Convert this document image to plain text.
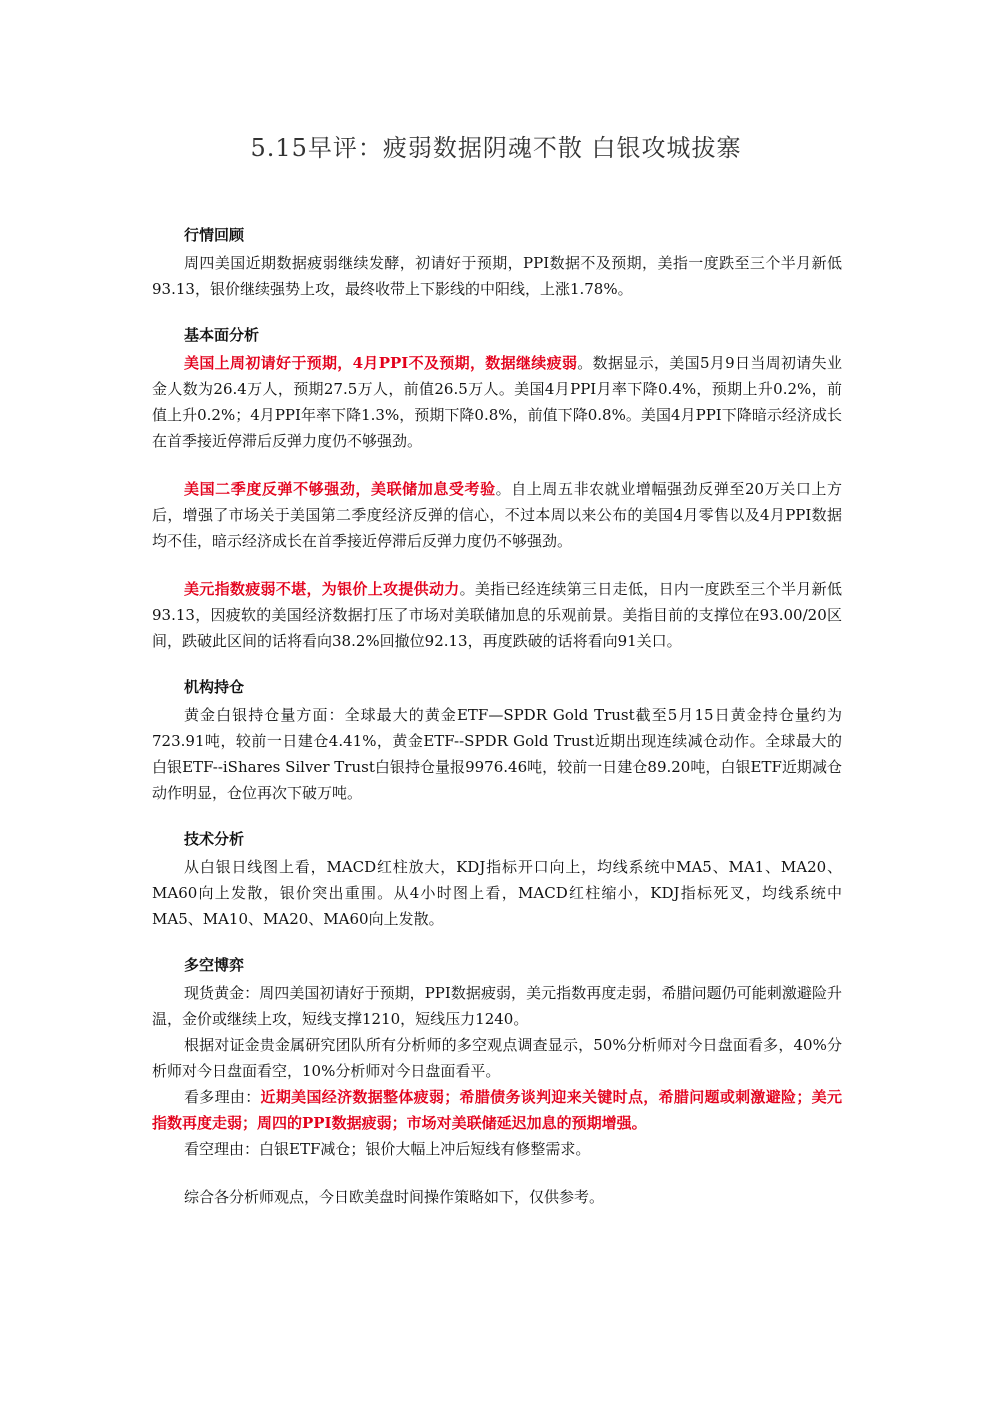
5.15早评：疲弱数据阴魂不散 白银攻城拔寨
行情回顾

周四美国近期数据疲弱继续发酵，初请好于预期，PPI数据不及预期，美指一度跌至三个半月新低93.13，银价继续强势上攻，最终收带上下影线的中阳线，上涨1.78%。

基本面分析

美国上周初请好于预期，4月PPI不及预期，数据继续疲弱。数据显示，美国5月9日当周初请失业金人数为26.4万人，预期27.5万人，前值26.5万人。美国4月PPI月率下降0.4%，预期上升0.2%，前值上升0.2%；4月PPI年率下降1.3%，预期下降0.8%，前值下降0.8%。美国4月PPI下降暗示经济成长在首季接近停滞后反弹力度仍不够强劲。

美国二季度反弹不够强劲，美联储加息受考验。自上周五非农就业增幅强劲反弹至20万关口上方后，增强了市场关于美国第二季度经济反弹的信心，不过本周以来公布的美国4月零售以及4月PPI数据均不佳，暗示经济成长在首季接近停滞后反弹力度仍不够强劲。

美元指数疲弱不堪，为银价上攻提供动力。美指已经连续第三日走低，日内一度跌至三个半月新低93.13，因疲软的美国经济数据打压了市场对美联储加息的乐观前景。美指目前的支撑位在93.00/20区间，跌破此区间的话将看向38.2%回撤位92.13，再度跌破的话将看向91关口。

机构持仓

黄金白银持仓量方面：全球最大的黄金ETF—SPDR Gold Trust截至5月15日黄金持仓量约为723.91吨，较前一日建仓4.41%，黄金ETF--SPDR Gold Trust近期出现连续减仓动作。全球最大的白银ETF--iShares Silver Trust白银持仓量报9976.46吨，较前一日建仓89.20吨，白银ETF近期减仓动作明显，仓位再次下破万吨。

技术分析

从白银日线图上看，MACD红柱放大，KDJ指标开口向上，均线系统中MA5、MA1、MA20、MA60向上发散，银价突出重围。从4小时图上看，MACD红柱缩小，KDJ指标死叉，均线系统中MA5、MA10、MA20、MA60向上发散。

多空博弈

现货黄金：周四美国初请好于预期，PPI数据疲弱，美元指数再度走弱，希腊问题仍可能刺激避险升温，金价或继续上攻，短线支撑1210，短线压力1240。

根据对证金贵金属研究团队所有分析师的多空观点调查显示，50%分析师对今日盘面看多，40%分析师对今日盘面看空，10%分析师对今日盘面看平。

看多理由：近期美国经济数据整体疲弱；希腊债务谈判迎来关键时点，希腊问题或刺激避险；美元指数再度走弱；周四的PPI数据疲弱；市场对美联储延迟加息的预期增强。

看空理由：白银ETF减仓；银价大幅上冲后短线有修整需求。

综合各分析师观点，今日欧美盘时间操作策略如下，仅供参考。
